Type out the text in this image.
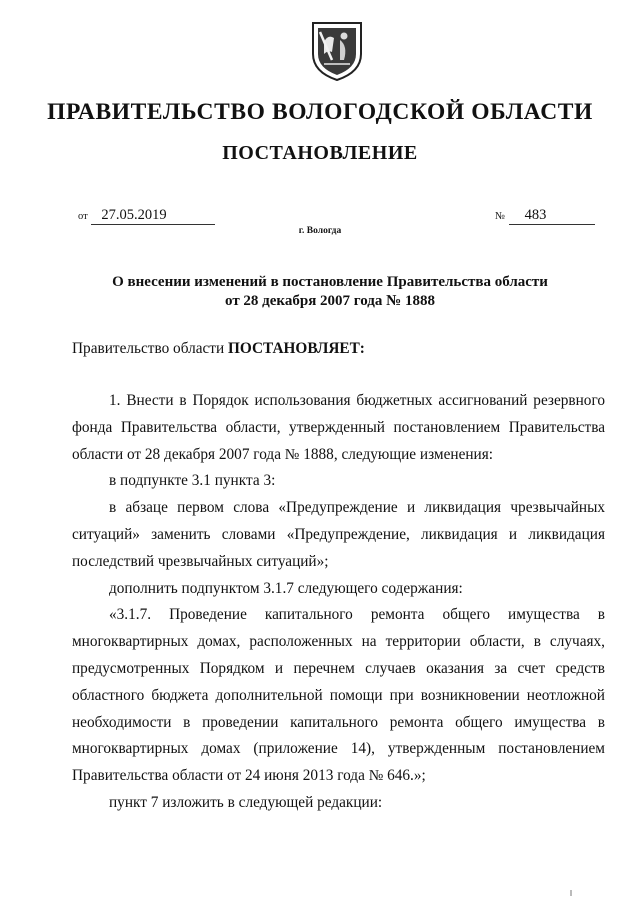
ПРАВИТЕЛЬСТВО ВОЛОГОДСКОЙ ОБЛАСТИ
ПОСТАНОВЛЕНИЕ
от 27.05.2019	№ 483
г. Вологда
О внесении изменений в постановление Правительства области
от 28 декабря 2007 года № 1888
Правительство области ПОСТАНОВЛЯЕТ:

1. Внести в Порядок использования бюджетных ассигнований резервного фонда Правительства области, утвержденный постановлением Правительства области от 28 декабря 2007 года № 1888, следующие изменения:

в подпункте 3.1 пункта 3:

в абзаце первом слова «Предупреждение и ликвидация чрезвычайных ситуаций» заменить словами «Предупреждение, ликвидация и ликвидация последствий чрезвычайных ситуаций»;

дополнить подпунктом 3.1.7 следующего содержания:

«3.1.7. Проведение капитального ремонта общего имущества в многоквартирных домах, расположенных на территории области, в случаях, предусмотренных Порядком и перечнем случаев оказания за счет средств областного бюджета дополнительной помощи при возникновении неотложной необходимости в проведении капитального ремонта общего имущества в многоквартирных домах (приложение 14), утвержденным постановлением Правительства области от 24 июня 2013 года № 646.»;

пункт 7 изложить в следующей редакции:
